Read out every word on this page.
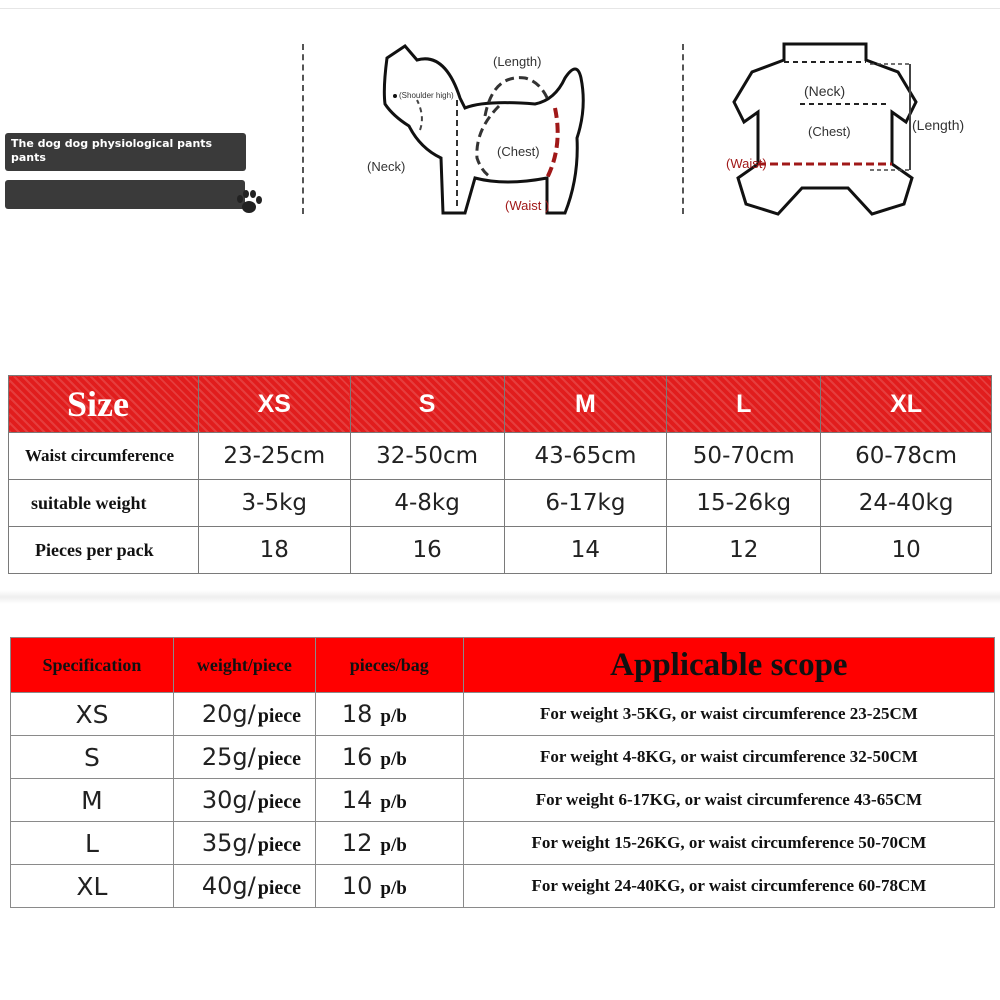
The dog dog physiological pants pants
(Length)
(Shoulder high)
(Neck)
(Chest)
(Waist )
(Neck)
(Chest)	(Length)
(Waist)
Size	XS	S	M	L	XL
Waist circumference	23-25cm	32-50cm	43-65cm	50-70cm	60-78cm
suitable weight	3-5kg	4-8kg	6-17kg	15-26kg	24-40kg
Pieces per pack	18	16	14	12	10
Specification	weight/piece	pieces/bag	Applicable scope
XS	20g/ piece	18 p/b	For weight 3-5KG, or waist circumference 23-25CM
S	25g/ piece	16 p/b	For weight 4-8KG, or waist circumference 32-50CM
M	30g/ piece	14 p/b	For weight 6-17KG, or waist circumference 43-65CM
L	35g/ piece	12 p/b	For weight 15-26KG, or waist circumference 50-70CM
XL	40g/ piece	10 p/b	For weight 24-40KG, or waist circumference 60-78CM
